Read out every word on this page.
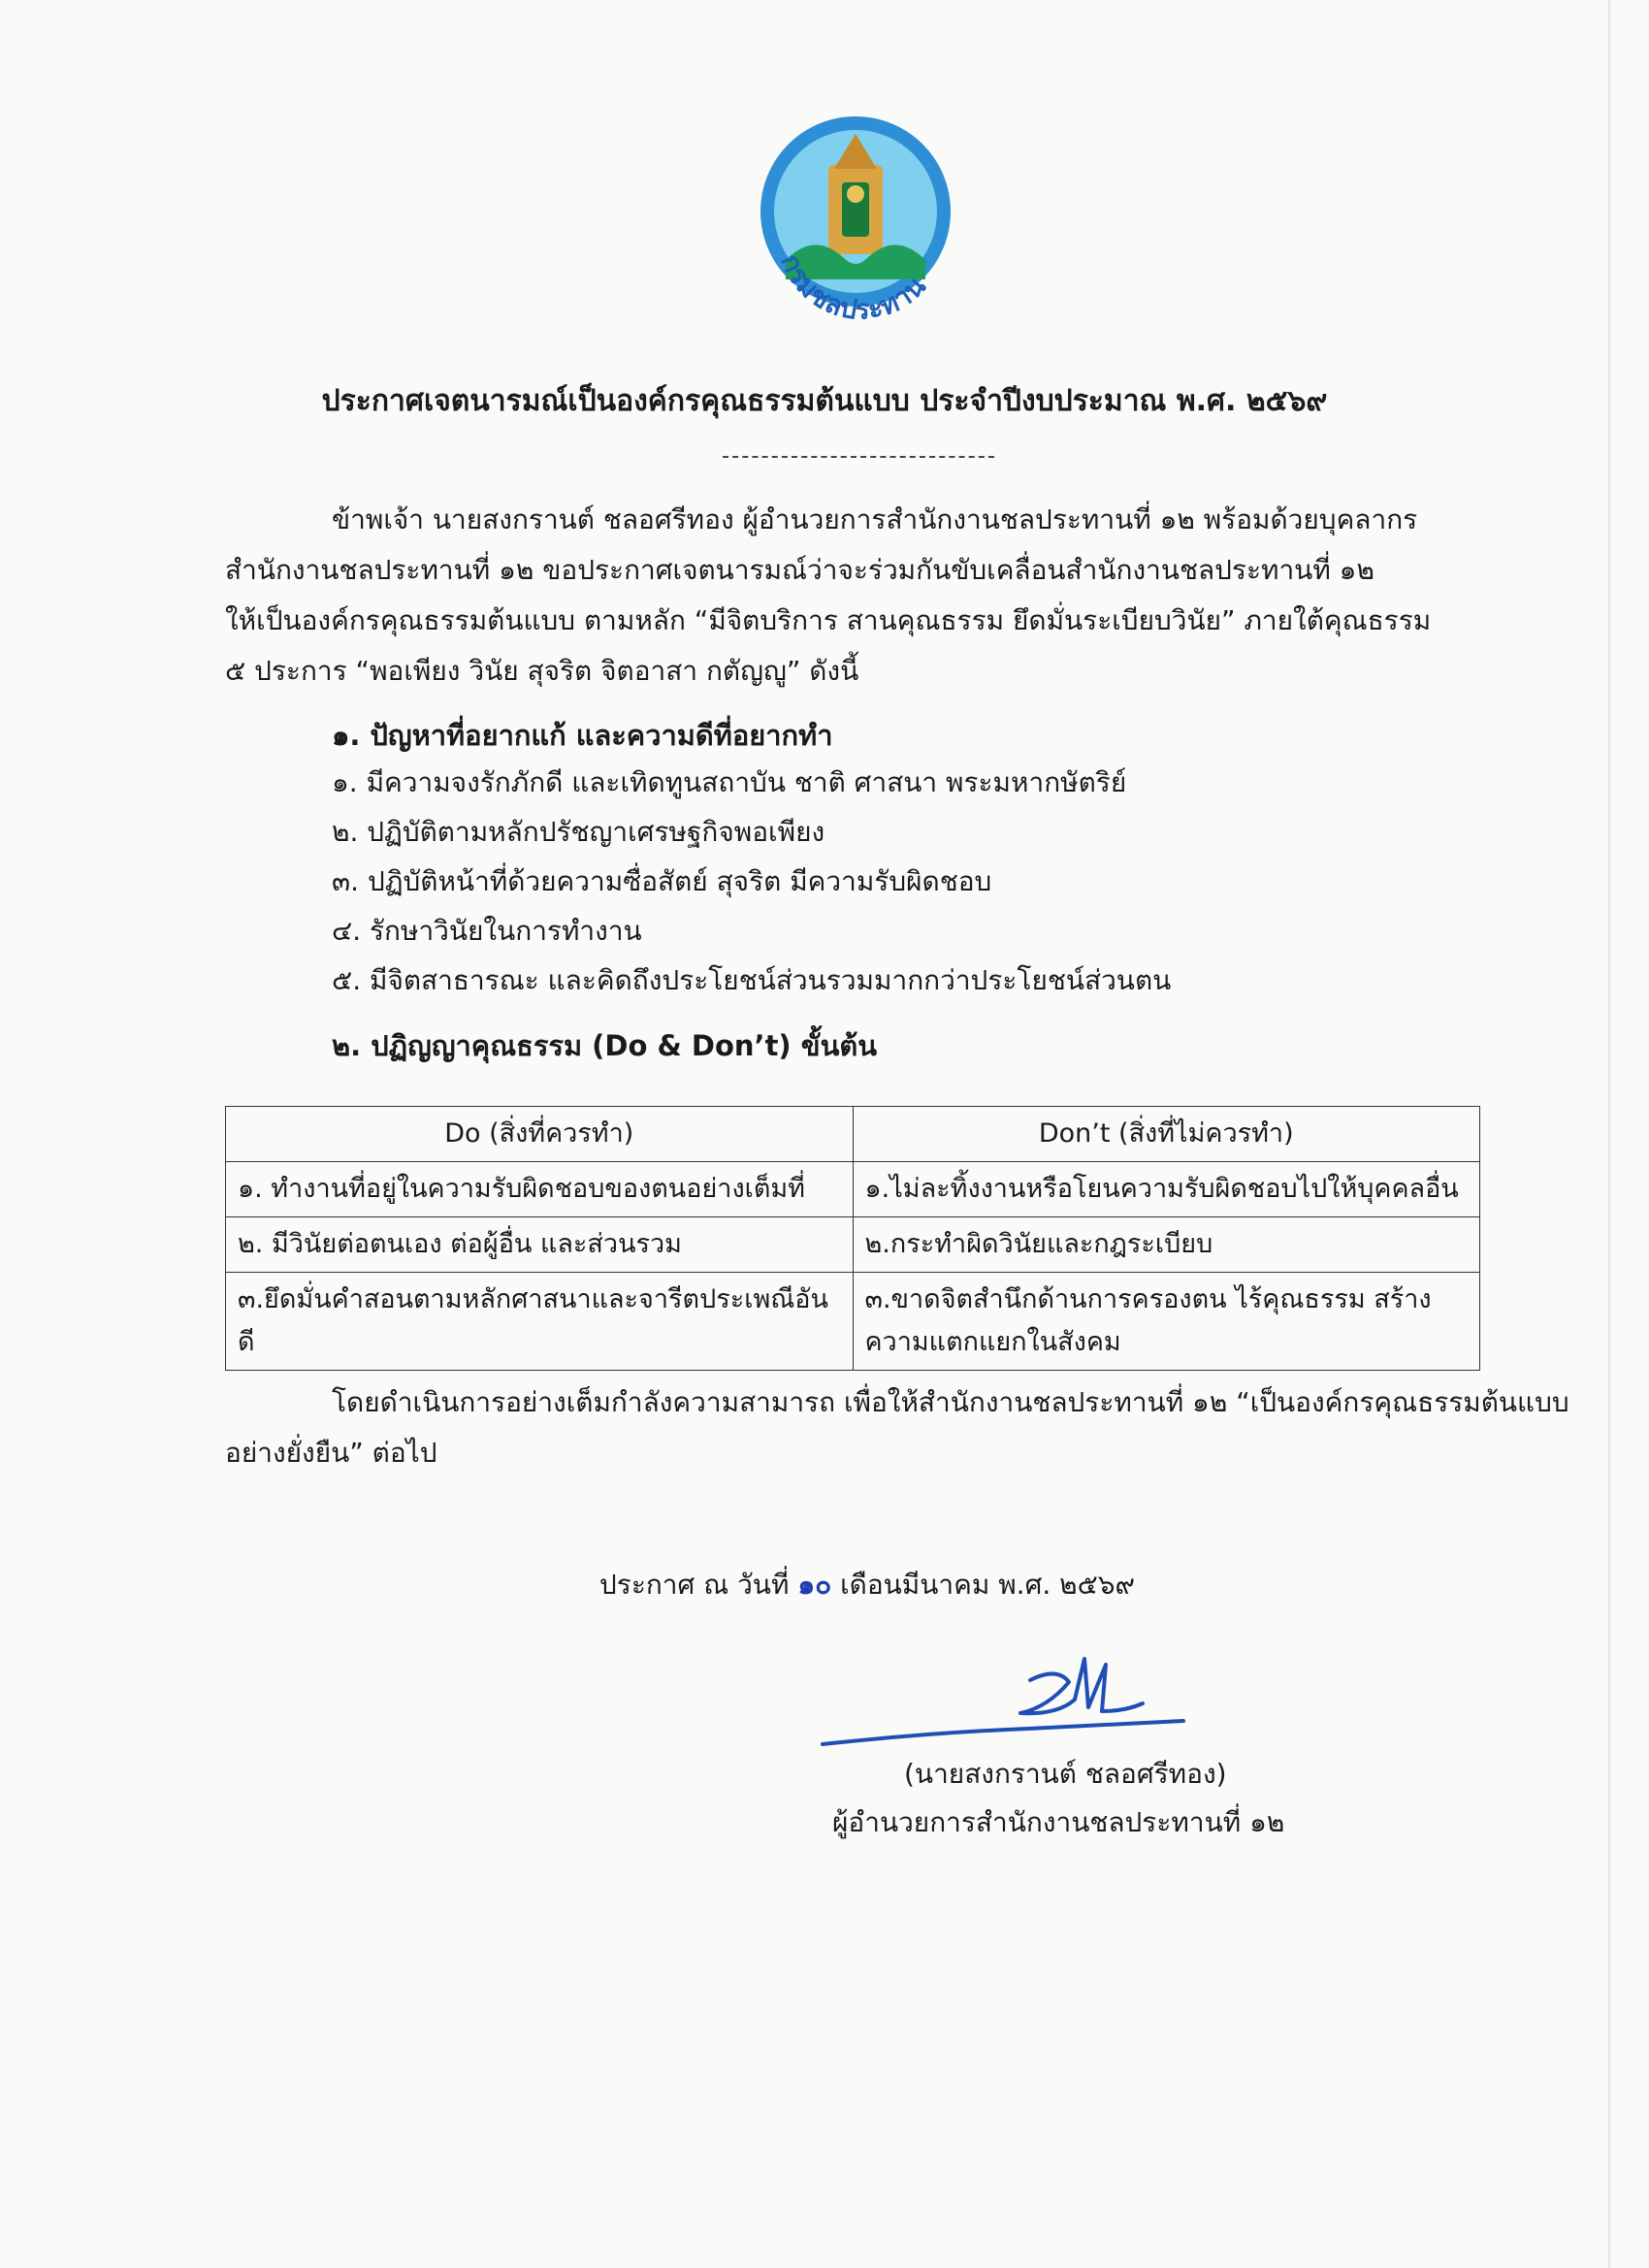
กรมชลประทาน
ประกาศเจตนารมณ์เป็นองค์กรคุณธรรมต้นแบบ ประจำปีงบประมาณ พ.ศ. ๒๕๖๙
ข้าพเจ้า นายสงกรานต์ ชลอศรีทอง ผู้อำนวยการสำนักงานชลประทานที่ ๑๒ พร้อมด้วยบุคลากร
สำนักงานชลประทานที่ ๑๒ ขอประกาศเจตนารมณ์ว่าจะร่วมกันขับเคลื่อนสำนักงานชลประทานที่ ๑๒
ให้เป็นองค์กรคุณธรรมต้นแบบ ตามหลัก “มีจิตบริการ สานคุณธรรม ยึดมั่นระเบียบวินัย” ภายใต้คุณธรรม
๕ ประการ “พอเพียง วินัย สุจริต จิตอาสา กตัญญู” ดังนี้
๑. ปัญหาที่อยากแก้ และความดีที่อยากทำ
๑. มีความจงรักภักดี และเทิดทูนสถาบัน ชาติ ศาสนา พระมหากษัตริย์
๒. ปฏิบัติตามหลักปรัชญาเศรษฐกิจพอเพียง
๓. ปฏิบัติหน้าที่ด้วยความซื่อสัตย์ สุจริต มีความรับผิดชอบ
๔. รักษาวินัยในการทำงาน
๕. มีจิตสาธารณะ และคิดถึงประโยชน์ส่วนรวมมากกว่าประโยชน์ส่วนตน
๒. ปฏิญญาคุณธรรม (Do & Don’t) ขั้นต้น
Do (สิ่งที่ควรทำ)	Don’t (สิ่งที่ไม่ควรทำ)
๑. ทำงานที่อยู่ในความรับผิดชอบของตนอย่างเต็มที่	๑.ไม่ละทิ้งงานหรือโยนความรับผิดชอบไปให้บุคคลอื่น
๒. มีวินัยต่อตนเอง ต่อผู้อื่น และส่วนรวม	๒.กระทำผิดวินัยและกฎระเบียบ
๓.ยึดมั่นคำสอนตามหลักศาสนาและจารีตประเพณีอันดี	๓.ขาดจิตสำนึกด้านการครองตน ไร้คุณธรรม สร้างความแตกแยกในสังคม
โดยดำเนินการอย่างเต็มกำลังความสามารถ เพื่อให้สำนักงานชลประทานที่ ๑๒ “เป็นองค์กรคุณธรรมต้นแบบ
อย่างยั่งยืน” ต่อไป
ประกาศ ณ วันที่ ๑๐ เดือนมีนาคม พ.ศ. ๒๕๖๙
(นายสงกรานต์ ชลอศรีทอง)
ผู้อำนวยการสำนักงานชลประทานที่ ๑๒
